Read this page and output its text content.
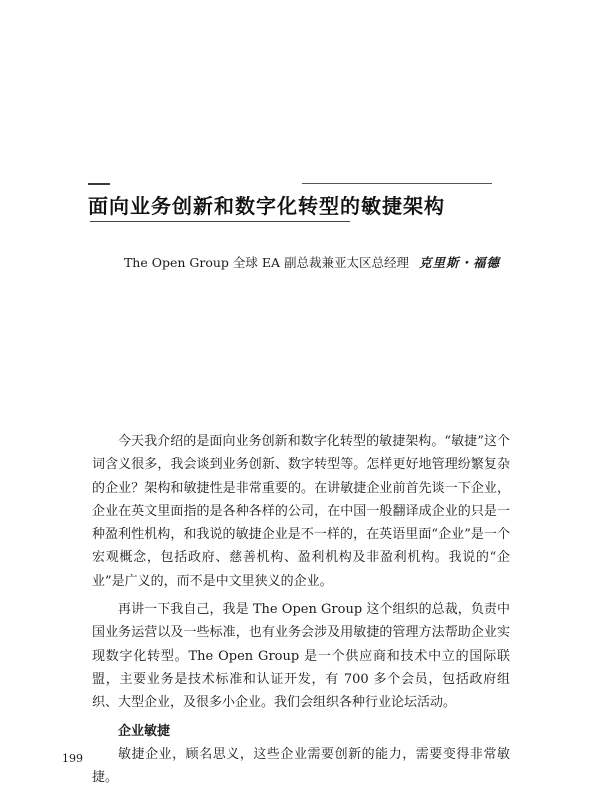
面向业务创新和数字化转型的敏捷架构
The Open Group 全球 EA 副总裁兼亚太区总经理 克里斯・福德

今天我介绍的是面向业务创新和数字化转型的敏捷架构。“敏捷”这个词含义很多，我会谈到业务创新、数字转型等。怎样更好地管理纷繁复杂的企业？架构和敏捷性是非常重要的。在讲敏捷企业前首先谈一下企业，企业在英文里面指的是各种各样的公司，在中国一般翻译成企业的只是一种盈利性机构，和我说的敏捷企业是不一样的，在英语里面“企业”是一个宏观概念，包括政府、慈善机构、盈利机构及非盈利机构。我说的“企业”是广义的，而不是中文里狭义的企业。

再讲一下我自己，我是 The Open Group 这个组织的总裁，负责中国业务运营以及一些标准，也有业务会涉及用敏捷的管理方法帮助企业实现数字化转型。The Open Group 是一个供应商和技术中立的国际联盟，主要业务是技术标准和认证开发，有 700 多个会员，包括政府组织、大型企业，及很多小企业。我们会组织各种行业论坛活动。

企业敏捷

敏捷企业，顾名思义，这些企业需要创新的能力，需要变得非常敏捷。

199
